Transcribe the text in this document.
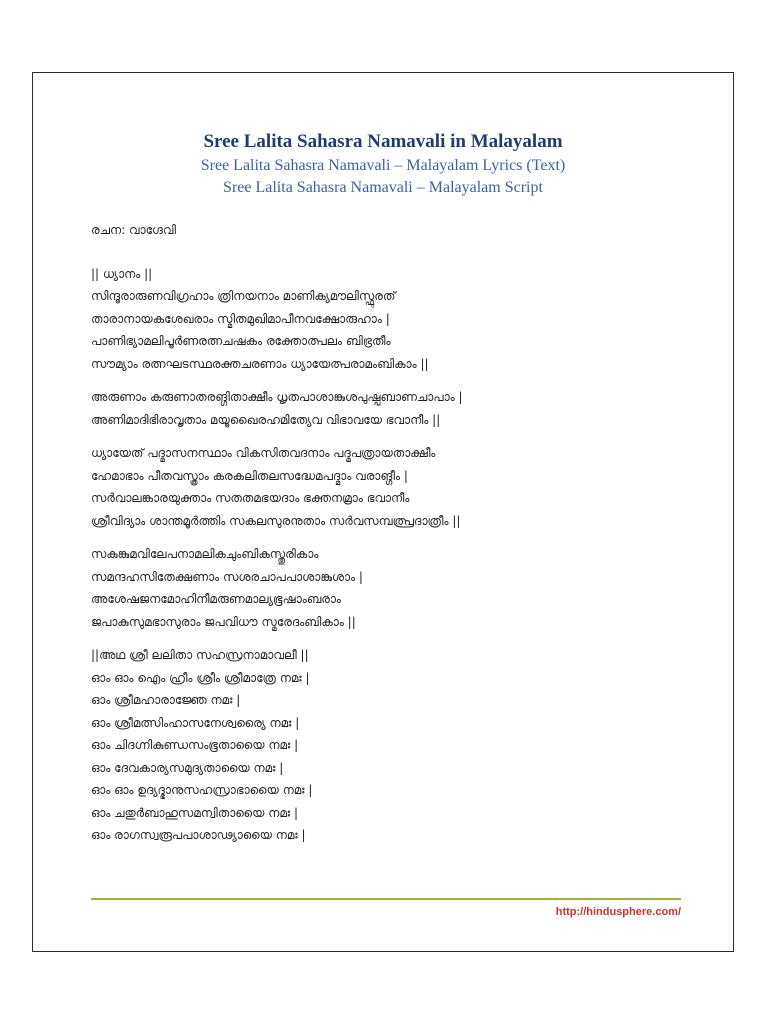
Sree Lalita Sahasra Namavali in Malayalam

Sree Lalita Sahasra Namavali – Malayalam Lyrics (Text)

Sree Lalita Sahasra Namavali – Malayalam Script

രചന: വാഗ്ദേവി
|| ധ്യാനം ||
സിന്ദൂരാരുണവിഗ്രഹാം ത്രിനയനാം മാണിക്യമൗലിസ്ഫുരത്
താരാനായകശേഖരാം സ്മിതമുഖിമാപീനവക്ഷോരുഹാം |
പാണിഭ്യാമലിപൂർണരത്നചഷകം രക്തോത്പലം ബിഭ്രതീം
സൗമ്യാം രത്നഘടസ്ഥരക്തചരണാം ധ്യായേത്പരാമംബികാം ||
അരുണാം കരുണാതരങ്ഗിതാക്ഷീം ധൃതപാശാങ്കുശപുഷ്പബാണചാപാം |
അണിമാദിഭിരാവൃതാം മയൂഖൈരഹമിത്യേവ വിഭാവയേ ഭവാനീം ||
ധ്യായേത് പദ്മാസനസ്ഥാം വികസിതവദനാം പദ്മപത്രായതാക്ഷീം
ഹേമാഭാം പീതവസ്ത്രാം കരകലിതലസദ്ധേമപദ്മാം വരാങ്ഗീം |
സർവാലങ്കാരയുക്താം സതതമഭയദാം ഭക്തനമ്രാം ഭവാനീം
ശ്രീവിദ്യാം ശാന്തമൂർത്തിം സകലസുരനുതാം സർവസമ്പത്പ്രദാത്രീം ||
സകുങ്കുമവിലേപനാമലികചുംബികസ്തൂരികാം
സമന്ദഹസിതേക്ഷണാം സശരചാപപാശാങ്കുശാം |
അശേഷജനമോഹിനീമരുണമാല്യഭൂഷാംബരാം
ജപാകുസുമഭാസുരാം ജപവിധൗ സ്മരേദംബികാം ||
||അഥ ശ്രീ ലലിതാ സഹസ്രനാമാവലീ ||
ഓം ഓം ഐം ഹ്രീം ശ്രീം ശ്രീമാത്രേ നമഃ |
ഓം ശ്രീമഹാരാജ്ഞേ നമഃ |
ഓം ശ്രീമത്സിംഹാസനേശ്വര്യൈ നമഃ |
ഓം ചിദഗ്നികുണ്ഡസംഭൂതായൈ നമഃ |
ഓം ദേവകാര്യസമുദ്യതായൈ നമഃ |
ഓം ഓം ഉദ്യദ്ഭാനുസഹസ്രാഭായൈ നമഃ |
ഓം ചതുർബാഹുസമന്വിതായൈ നമഃ |
ഓം രാഗസ്വരൂപപാശാഢ്യായൈ നമഃ |
http://hindusphere.com/
